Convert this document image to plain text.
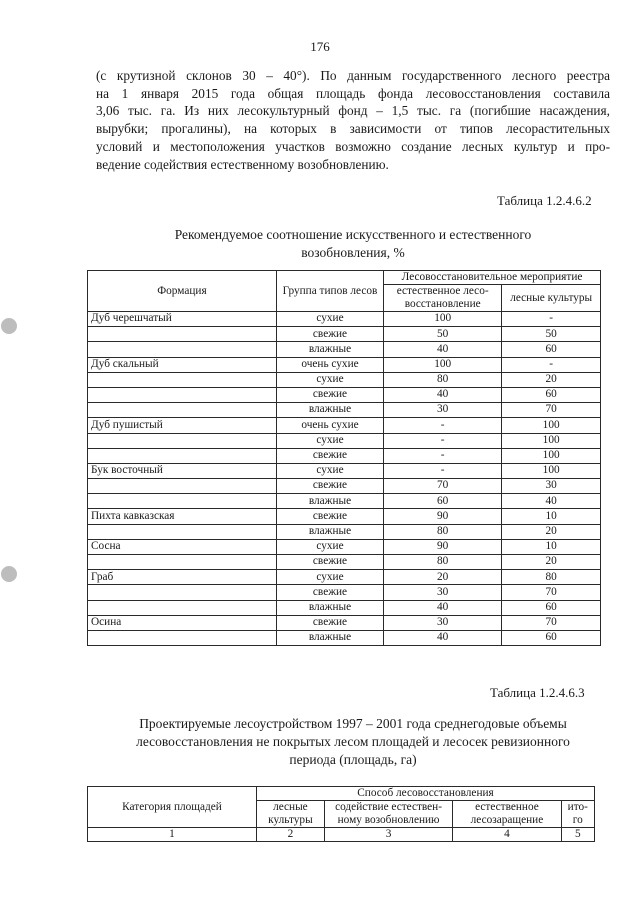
176
(с крутизной склонов 30 – 40°). По данным государственного лесного реестра
на 1 января 2015 года общая площадь фонда лесовосстановления составила
3,06 тыс. га. Из них лесокультурный фонд – 1,5 тыс. га (погибшие насаждения,
вырубки; прогалины), на которых в зависимости от типов лесорастительных
условий и местоположения участков возможно создание лесных культур и про-
ведение содействия естественному возобновлению.
Таблица 1.2.4.6.2
Рекомендуемое соотношение искусственного и естественного
возобновления, %
Формация	Группа типов лесов	Лесовосстановительное мероприятие	
		естественное лесо-восстановление	лесные культуры
Дуб черешчатый	сухие	100	-
	свежие	50	50
	влажные	40	60
Дуб скальный	очень сухие	100	-
	сухие	80	20
	свежие	40	60
	влажные	30	70
Дуб пушистый	очень сухие	-	100
	сухие	-	100
	свежие	-	100
Бук восточный	сухие	-	100
	свежие	70	30
	влажные	60	40
Пихта кавказская	свежие	90	10
	влажные	80	20
Сосна	сухие	90	10
	свежие	80	20
Граб	сухие	20	80
	свежие	30	70
	влажные	40	60
Осина	свежие	30	70
	влажные	40	60
Таблица 1.2.4.6.3
Проектируемые лесоустройством 1997 – 2001 года среднегодовые объемы
лесовосстановления не покрытых лесом площадей и лесосек ревизионного
периода (площадь, га)
Категория площадей	Способ лесовосстановления			
	лесные культуры	содействие естествен-ному возобновлению	естественное лесозаращение	ито-го
1	2	3	4	5
